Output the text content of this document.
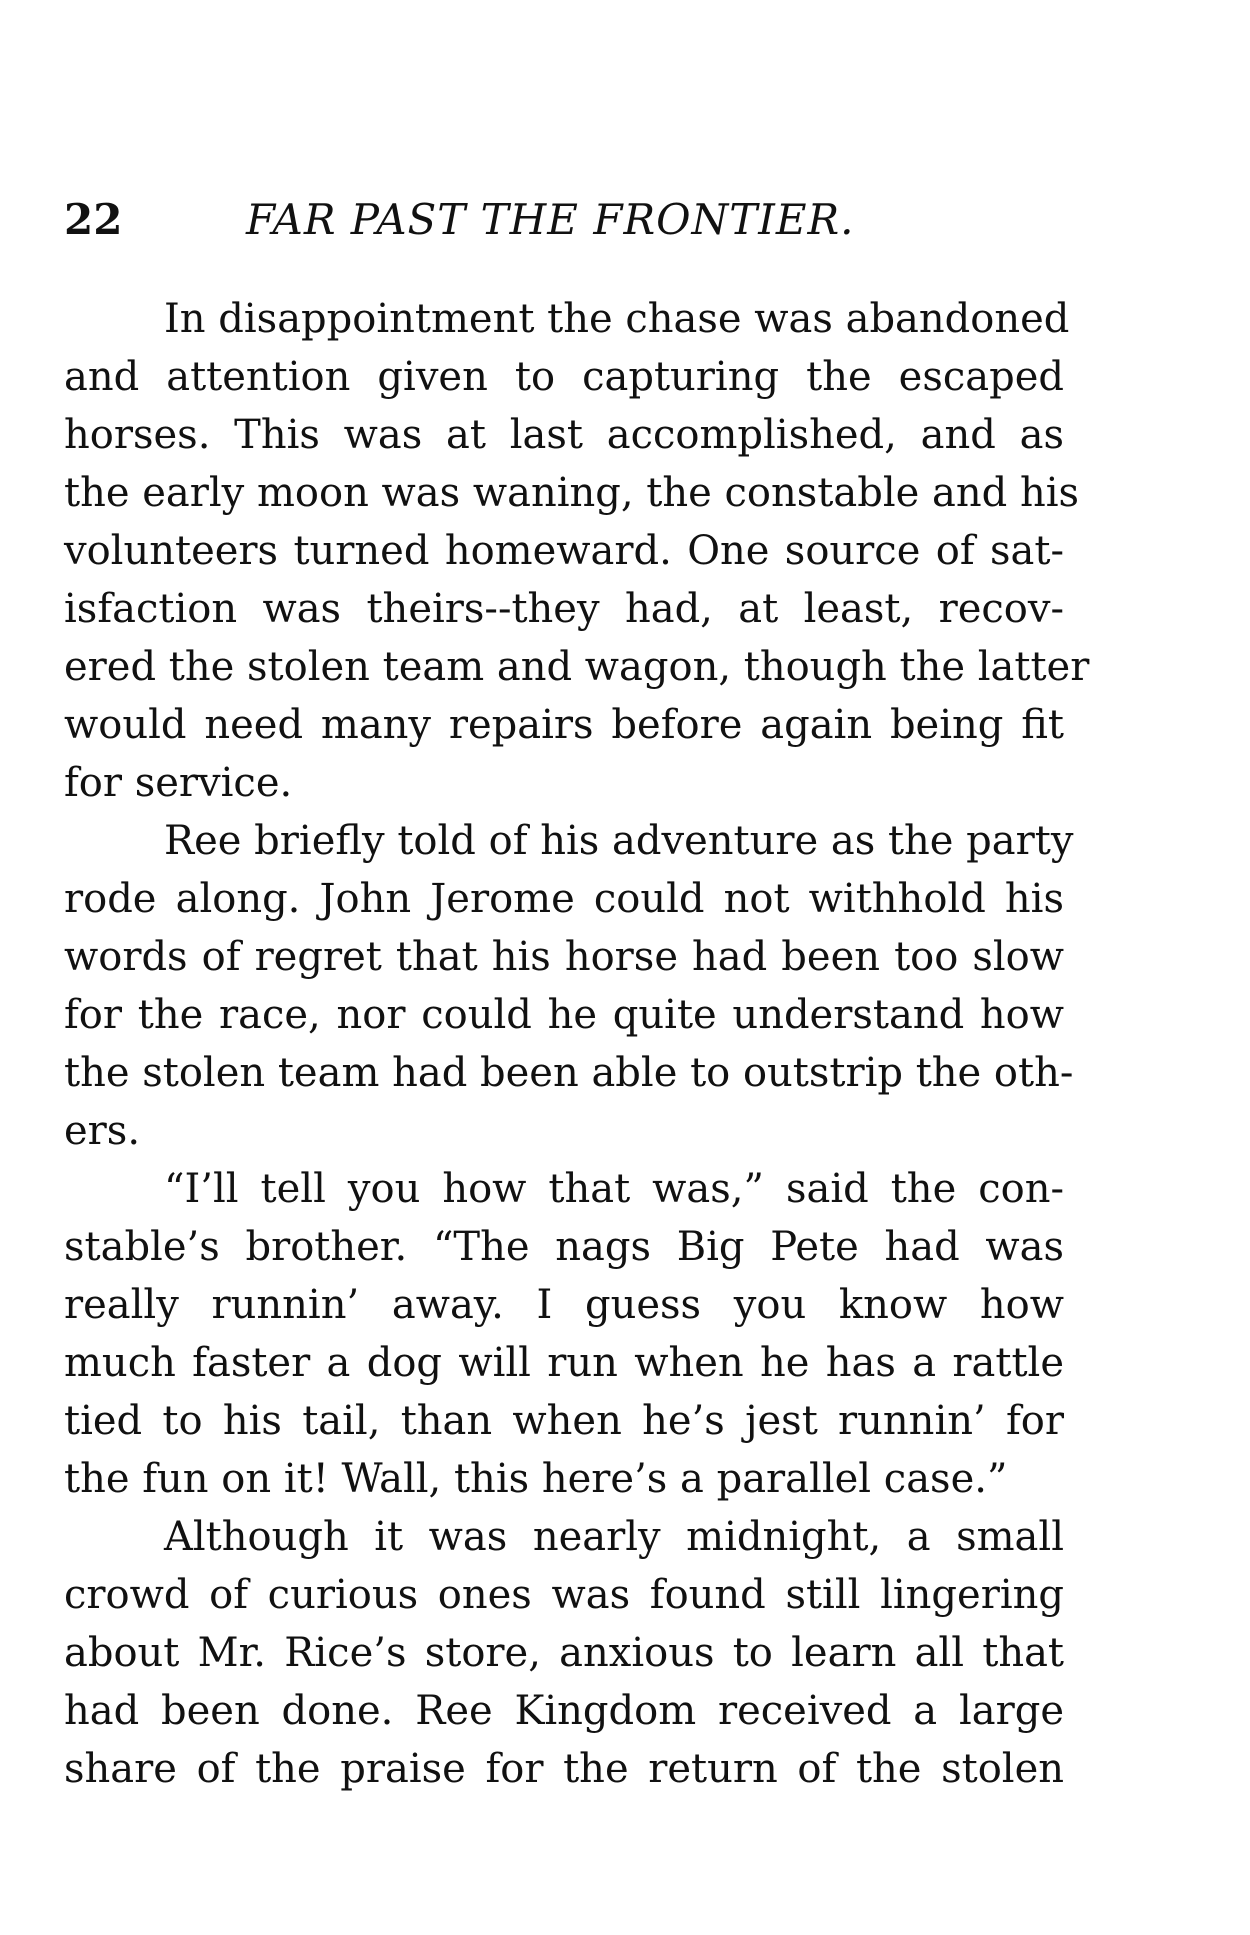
22	FAR PAST THE FRONTIER.
In disappointment the chase was abandoned
and attention given to capturing the escaped
horses. This was at last accomplished, and as
the early moon was waning, the constable and his
volunteers turned homeward. One source of sat-
isfaction was theirs--they had, at least, recov-
ered the stolen team and wagon, though the latter
would need many repairs before again being fit
for service.
Ree briefly told of his adventure as the party
rode along. John Jerome could not withhold his
words of regret that his horse had been too slow
for the race, nor could he quite understand how
the stolen team had been able to outstrip the oth-
ers.
“I’ll tell you how that was,” said the con-
stable’s brother. “The nags Big Pete had was
really runnin’ away. I guess you know how
much faster a dog will run when he has a rattle
tied to his tail, than when he’s jest runnin’ for
the fun on it! Wall, this here’s a parallel case.”
Although it was nearly midnight, a small
crowd of curious ones was found still lingering
about Mr. Rice’s store, anxious to learn all that
had been done. Ree Kingdom received a large
share of the praise for the return of the stolen
